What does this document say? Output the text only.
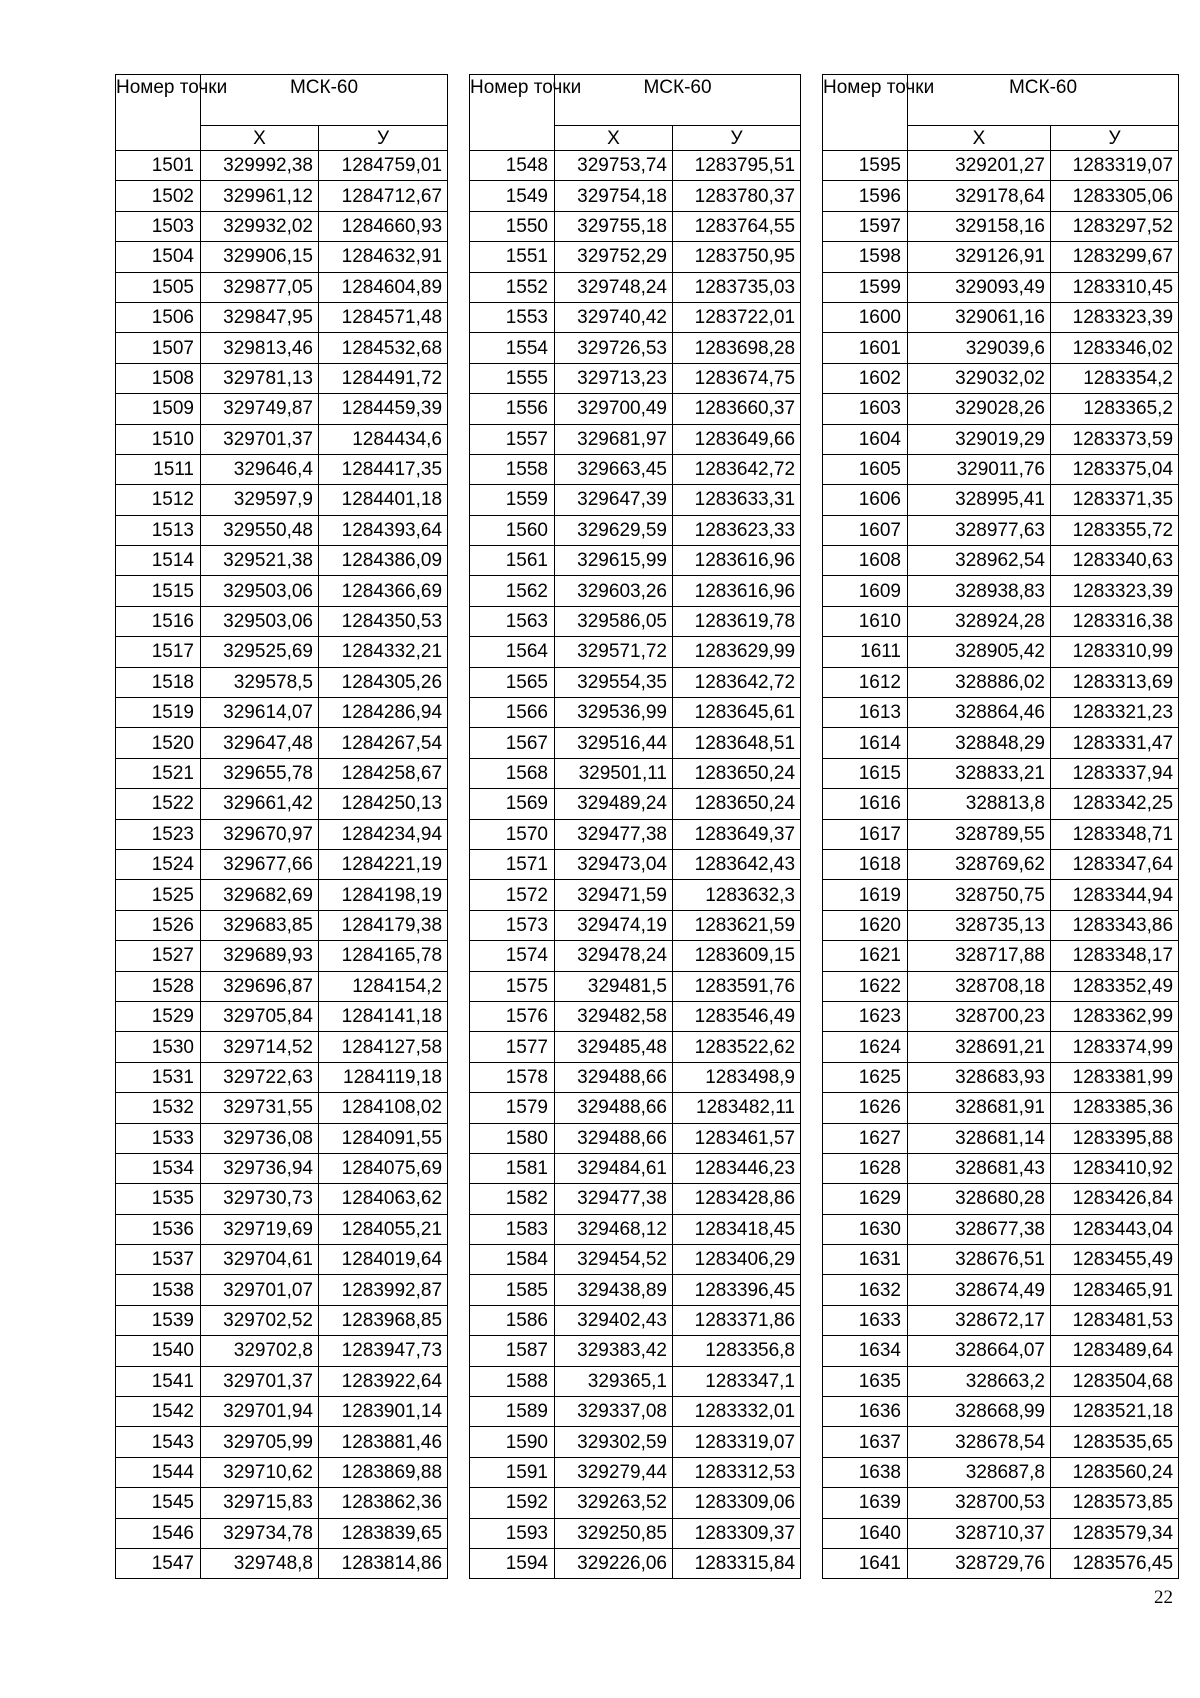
Номер точки	МСК-60	
	Х	У
1501	329992,38	1284759,01
1502	329961,12	1284712,67
1503	329932,02	1284660,93
1504	329906,15	1284632,91
1505	329877,05	1284604,89
1506	329847,95	1284571,48
1507	329813,46	1284532,68
1508	329781,13	1284491,72
1509	329749,87	1284459,39
1510	329701,37	1284434,6
1511	329646,4	1284417,35
1512	329597,9	1284401,18
1513	329550,48	1284393,64
1514	329521,38	1284386,09
1515	329503,06	1284366,69
1516	329503,06	1284350,53
1517	329525,69	1284332,21
1518	329578,5	1284305,26
1519	329614,07	1284286,94
1520	329647,48	1284267,54
1521	329655,78	1284258,67
1522	329661,42	1284250,13
1523	329670,97	1284234,94
1524	329677,66	1284221,19
1525	329682,69	1284198,19
1526	329683,85	1284179,38
1527	329689,93	1284165,78
1528	329696,87	1284154,2
1529	329705,84	1284141,18
1530	329714,52	1284127,58
1531	329722,63	1284119,18
1532	329731,55	1284108,02
1533	329736,08	1284091,55
1534	329736,94	1284075,69
1535	329730,73	1284063,62
1536	329719,69	1284055,21
1537	329704,61	1284019,64
1538	329701,07	1283992,87
1539	329702,52	1283968,85
1540	329702,8	1283947,73
1541	329701,37	1283922,64
1542	329701,94	1283901,14
1543	329705,99	1283881,46
1544	329710,62	1283869,88
1545	329715,83	1283862,36
1546	329734,78	1283839,65
1547	329748,8	1283814,86
Номер точки	МСК-60	
	Х	У
1548	329753,74	1283795,51
1549	329754,18	1283780,37
1550	329755,18	1283764,55
1551	329752,29	1283750,95
1552	329748,24	1283735,03
1553	329740,42	1283722,01
1554	329726,53	1283698,28
1555	329713,23	1283674,75
1556	329700,49	1283660,37
1557	329681,97	1283649,66
1558	329663,45	1283642,72
1559	329647,39	1283633,31
1560	329629,59	1283623,33
1561	329615,99	1283616,96
1562	329603,26	1283616,96
1563	329586,05	1283619,78
1564	329571,72	1283629,99
1565	329554,35	1283642,72
1566	329536,99	1283645,61
1567	329516,44	1283648,51
1568	329501,11	1283650,24
1569	329489,24	1283650,24
1570	329477,38	1283649,37
1571	329473,04	1283642,43
1572	329471,59	1283632,3
1573	329474,19	1283621,59
1574	329478,24	1283609,15
1575	329481,5	1283591,76
1576	329482,58	1283546,49
1577	329485,48	1283522,62
1578	329488,66	1283498,9
1579	329488,66	1283482,11
1580	329488,66	1283461,57
1581	329484,61	1283446,23
1582	329477,38	1283428,86
1583	329468,12	1283418,45
1584	329454,52	1283406,29
1585	329438,89	1283396,45
1586	329402,43	1283371,86
1587	329383,42	1283356,8
1588	329365,1	1283347,1
1589	329337,08	1283332,01
1590	329302,59	1283319,07
1591	329279,44	1283312,53
1592	329263,52	1283309,06
1593	329250,85	1283309,37
1594	329226,06	1283315,84
Номер точки	МСК-60	
	Х	У
1595	329201,27	1283319,07
1596	329178,64	1283305,06
1597	329158,16	1283297,52
1598	329126,91	1283299,67
1599	329093,49	1283310,45
1600	329061,16	1283323,39
1601	329039,6	1283346,02
1602	329032,02	1283354,2
1603	329028,26	1283365,2
1604	329019,29	1283373,59
1605	329011,76	1283375,04
1606	328995,41	1283371,35
1607	328977,63	1283355,72
1608	328962,54	1283340,63
1609	328938,83	1283323,39
1610	328924,28	1283316,38
1611	328905,42	1283310,99
1612	328886,02	1283313,69
1613	328864,46	1283321,23
1614	328848,29	1283331,47
1615	328833,21	1283337,94
1616	328813,8	1283342,25
1617	328789,55	1283348,71
1618	328769,62	1283347,64
1619	328750,75	1283344,94
1620	328735,13	1283343,86
1621	328717,88	1283348,17
1622	328708,18	1283352,49
1623	328700,23	1283362,99
1624	328691,21	1283374,99
1625	328683,93	1283381,99
1626	328681,91	1283385,36
1627	328681,14	1283395,88
1628	328681,43	1283410,92
1629	328680,28	1283426,84
1630	328677,38	1283443,04
1631	328676,51	1283455,49
1632	328674,49	1283465,91
1633	328672,17	1283481,53
1634	328664,07	1283489,64
1635	328663,2	1283504,68
1636	328668,99	1283521,18
1637	328678,54	1283535,65
1638	328687,8	1283560,24
1639	328700,53	1283573,85
1640	328710,37	1283579,34
1641	328729,76	1283576,45
22
